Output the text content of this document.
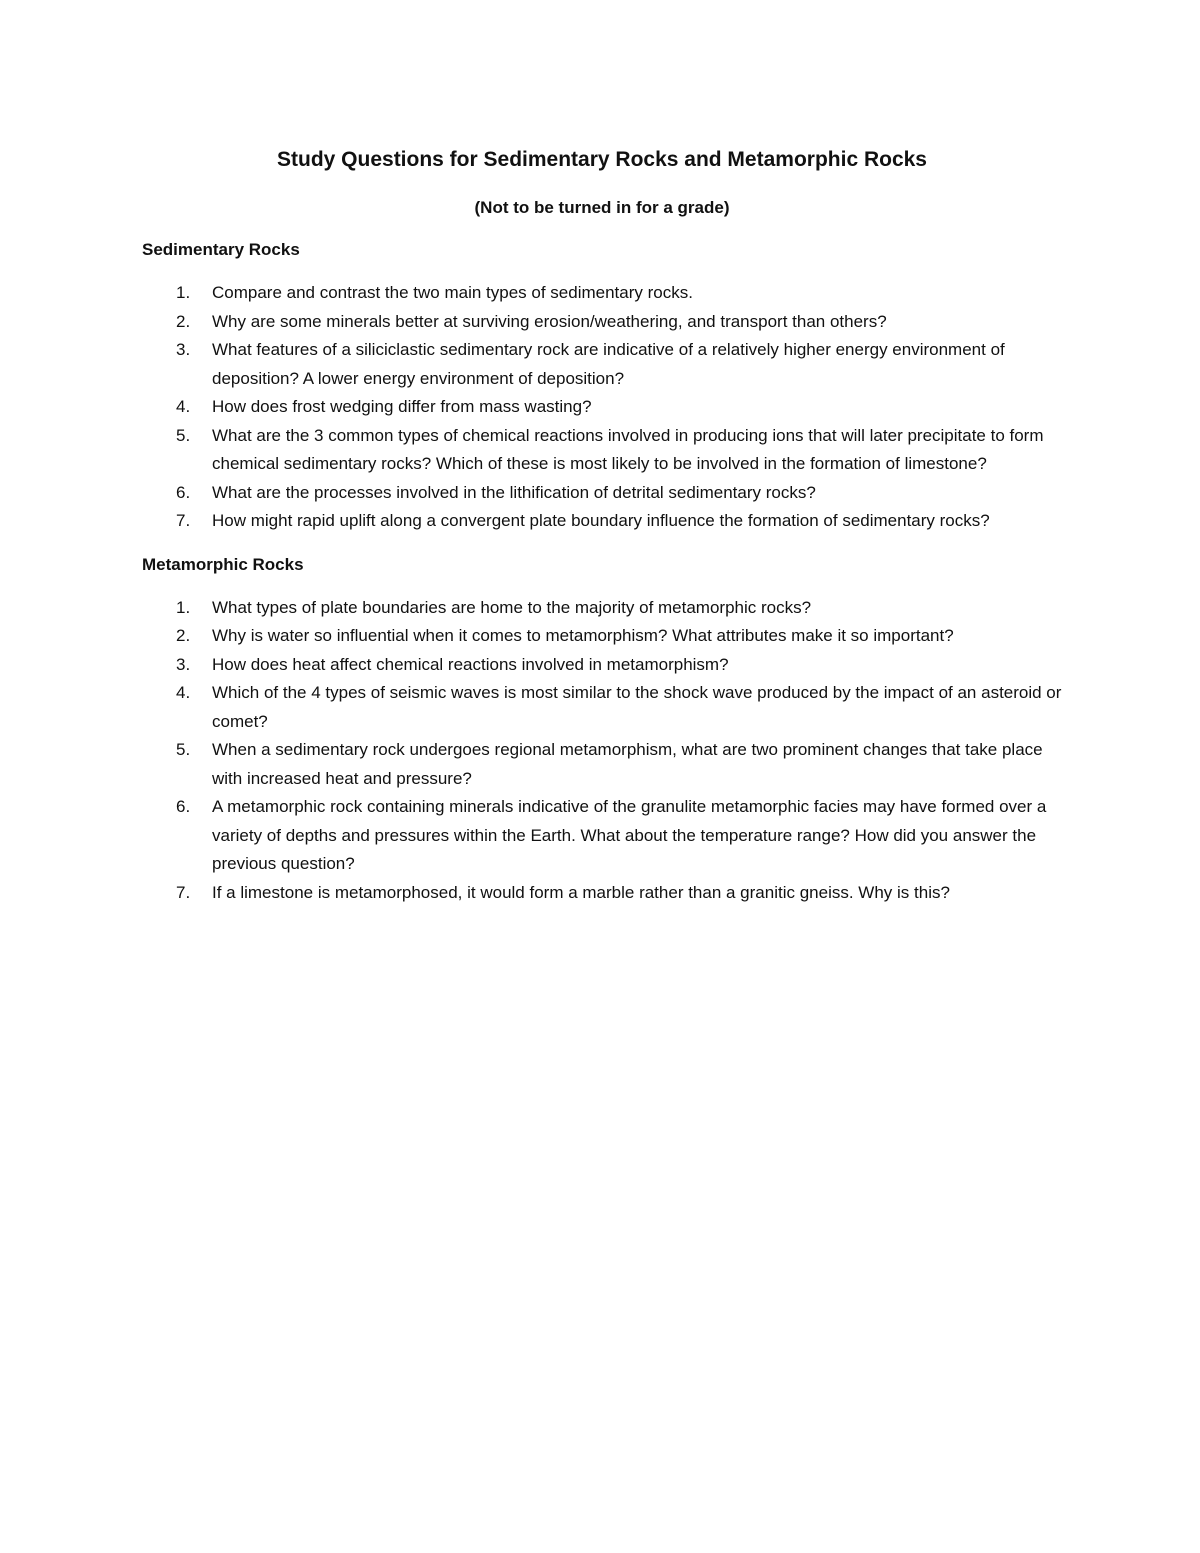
Study Questions for Sedimentary Rocks and Metamorphic Rocks

(Not to be turned in for a grade)

Sedimentary Rocks
1. Compare and contrast the two main types of sedimentary rocks.
2. Why are some minerals better at surviving erosion/weathering, and transport than others?
3. What features of a siliciclastic sedimentary rock are indicative of a relatively higher energy environment of deposition? A lower energy environment of deposition?
4. How does frost wedging differ from mass wasting?
5. What are the 3 common types of chemical reactions involved in producing ions that will later precipitate to form chemical sedimentary rocks? Which of these is most likely to be involved in the formation of limestone?
6. What are the processes involved in the lithification of detrital sedimentary rocks?
7. How might rapid uplift along a convergent plate boundary influence the formation of sedimentary rocks?
Metamorphic Rocks
1. What types of plate boundaries are home to the majority of metamorphic rocks?
2. Why is water so influential when it comes to metamorphism? What attributes make it so important?
3. How does heat affect chemical reactions involved in metamorphism?
4. Which of the 4 types of seismic waves is most similar to the shock wave produced by the impact of an asteroid or comet?
5. When a sedimentary rock undergoes regional metamorphism, what are two prominent changes that take place with increased heat and pressure?
6. A metamorphic rock containing minerals indicative of the granulite metamorphic facies may have formed over a variety of depths and pressures within the Earth. What about the temperature range? How did you answer the previous question?
7. If a limestone is metamorphosed, it would form a marble rather than a granitic gneiss. Why is this?
